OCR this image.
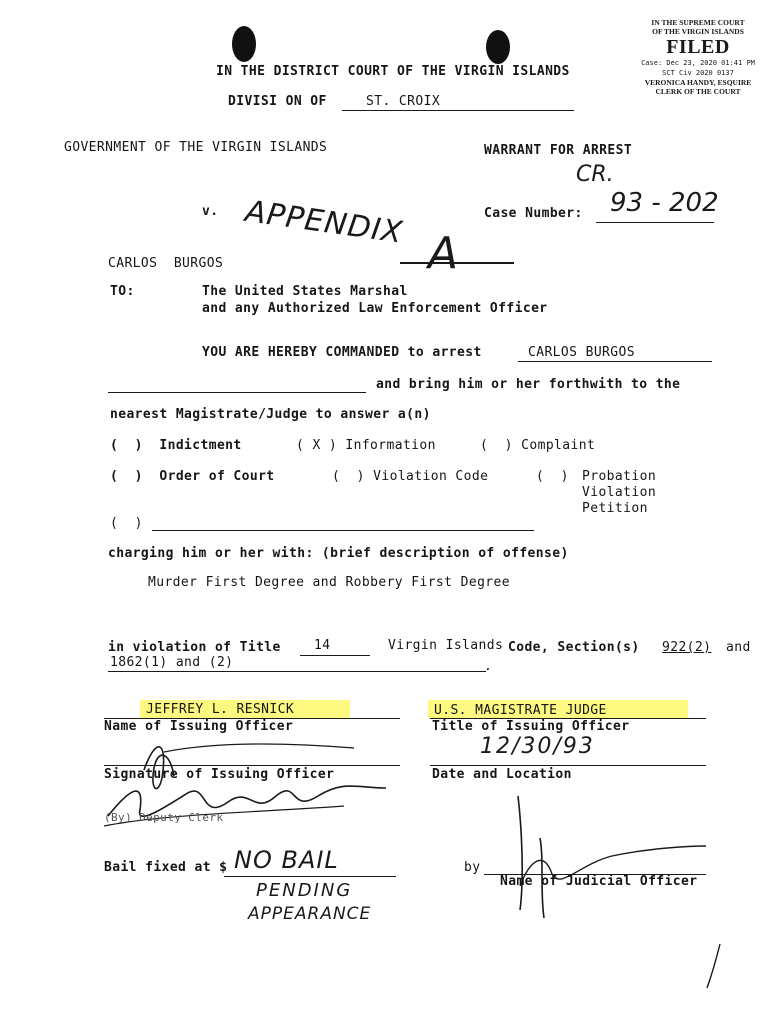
IN THE SUPREME COURT
OF THE VIRGIN ISLANDS
FILED
Case: Dec 23, 2020 01:41 PM
SCT Civ 2020 0137
VERONICA HANDY, ESQUIRE
CLERK OF THE COURT
IN THE DISTRICT COURT OF THE VIRGIN ISLANDS
DIVISI ON OF	ST. CROIX
GOVERNMENT OF THE VIRGIN ISLANDS	WARRANT FOR ARREST
CR.
v.	Case Number: 93 - 202
APPENDIX
A
CARLOS  BURGOS
TO:	The United States Marshal
and any Authorized Law Enforcement Officer
YOU ARE HEREBY COMMANDED to arrest	CARLOS BURGOS
and bring him or her forthwith to the
nearest Magistrate/Judge to answer a(n)
(  )  Indictment	( X ) Information	(  ) Complaint
(  )  Order of Court	(  ) Violation Code	(  ) Probation
Violation
Petition
(  )
charging him or her with: (brief description of offense)
Murder First Degree and Robbery First Degree
in violation of Title	14	Virgin Islands Code, Section(s) 922(2) and
1862(1) and (2)	.
JEFFREY L. RESNICK	U.S. MAGISTRATE JUDGE
Name of Issuing Officer	Title of Issuing Officer
12/30/93
Signature of Issuing Officer	Date and Location
(By) Deputy Clerk
Bail fixed at $ NO BAIL
PENDING
APPEARANCE
by
Name of Judicial Officer
